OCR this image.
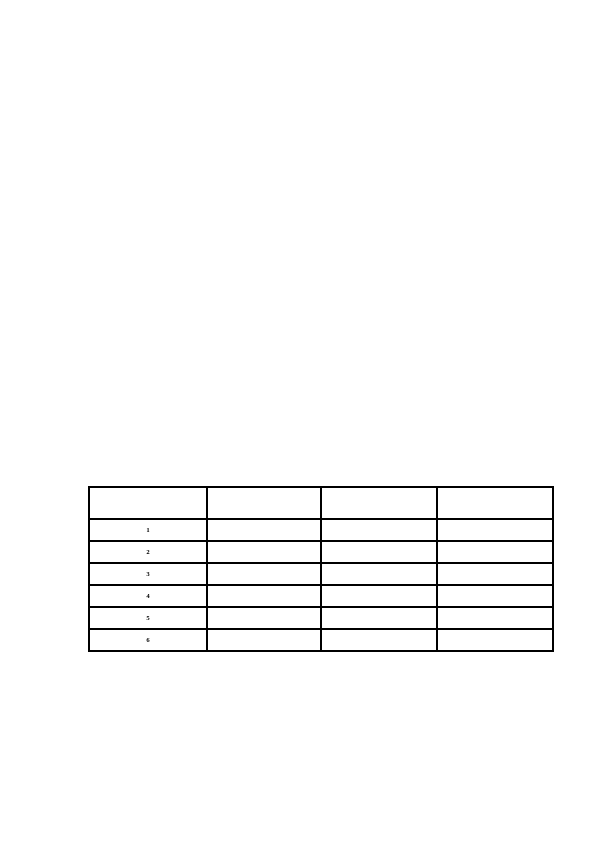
1			
2			
3			
4			
5			
6			
